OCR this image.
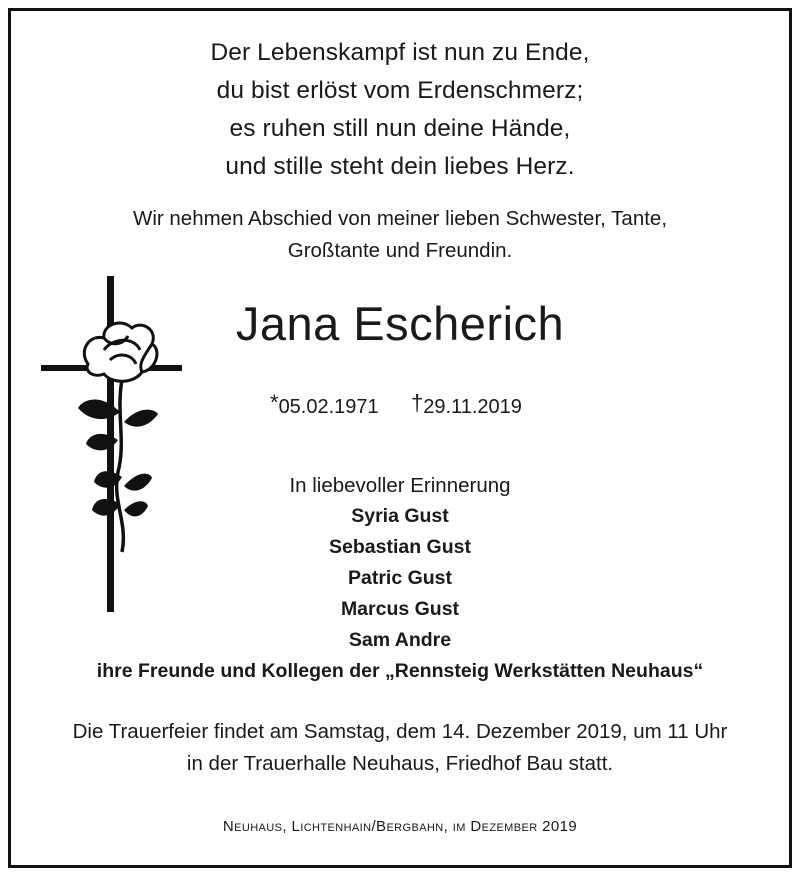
Der Lebenskampf ist nun zu Ende,
du bist erlöst vom Erdenschmerz;
es ruhen still nun deine Hände,
und stille steht dein liebes Herz.
Wir nehmen Abschied von meiner lieben Schwester, Tante,
Großtante und Freundin.
Jana Escherich
*05.02.1971 †29.11.2019
In liebevoller Erinnerung
Syria Gust
Sebastian Gust
Patric Gust
Marcus Gust
Sam Andre
ihre Freunde und Kollegen der „Rennsteig Werkstätten Neuhaus“
Die Trauerfeier findet am Samstag, dem 14. Dezember 2019, um 11 Uhr
in der Trauerhalle Neuhaus, Friedhof Bau statt.
Neuhaus, Lichtenhain/Bergbahn, im Dezember 2019
